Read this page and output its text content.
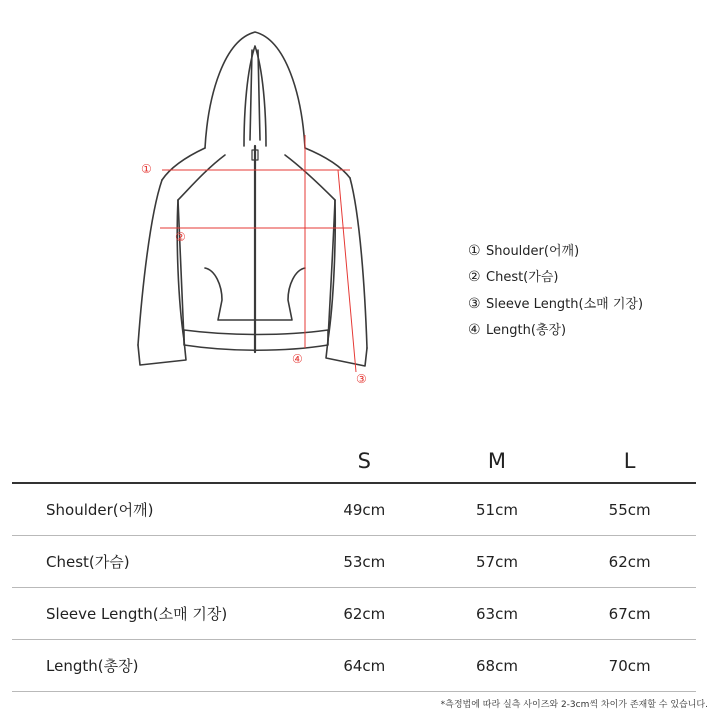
①
②
③
④
① Shoulder(어깨)
② Chest(가슴)
③ Sleeve Length(소매 기장)
④ Length(총장)
	S	M	L
Shoulder(어깨)	49cm	51cm	55cm
Chest(가슴)	53cm	57cm	62cm
Sleeve Length(소매 기장)	62cm	63cm	67cm
Length(총장)	64cm	68cm	70cm
*측정법에 따라 실측 사이즈와 2-3cm씩 차이가 존재할 수 있습니다.
